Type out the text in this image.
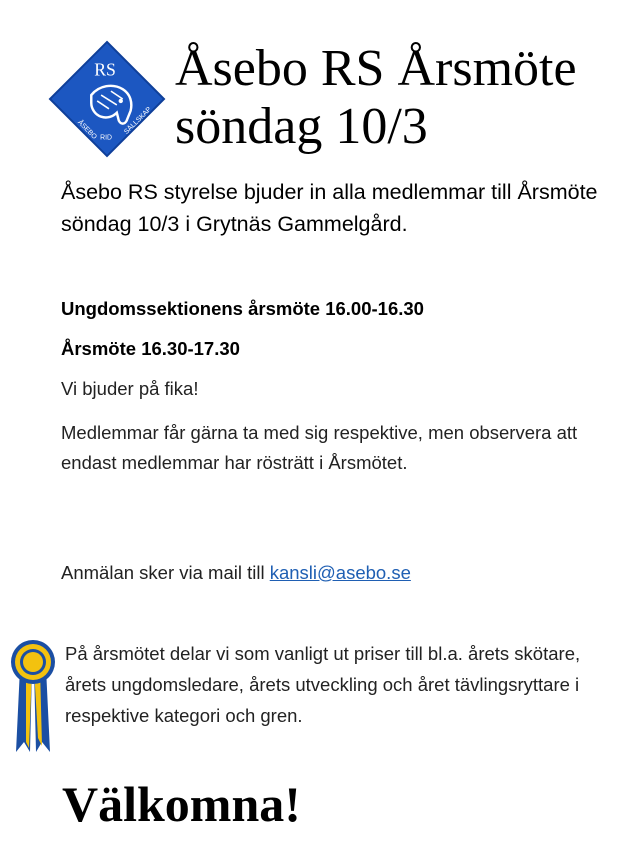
RS
ÅSEBO RID
SÄLLSKAP
Åsebo RS Årsmöte
söndag 10/3

Åsebo RS styrelse bjuder in alla medlemmar till Årsmöte söndag 10/3 i Grytnäs Gammelgård.

Ungdomssektionens årsmöte 16.00-16.30

Årsmöte 16.30-17.30

Vi bjuder på fika!

Medlemmar får gärna ta med sig respektive, men observera att endast medlemmar har rösträtt i Årsmötet.

Anmälan sker via mail till kansli@asebo.se

På årsmötet delar vi som vanligt ut priser till bl.a. årets skötare, årets ungdomsledare, årets utveckling och året tävlingsryttare i respektive kategori och gren.

Välkomna!
